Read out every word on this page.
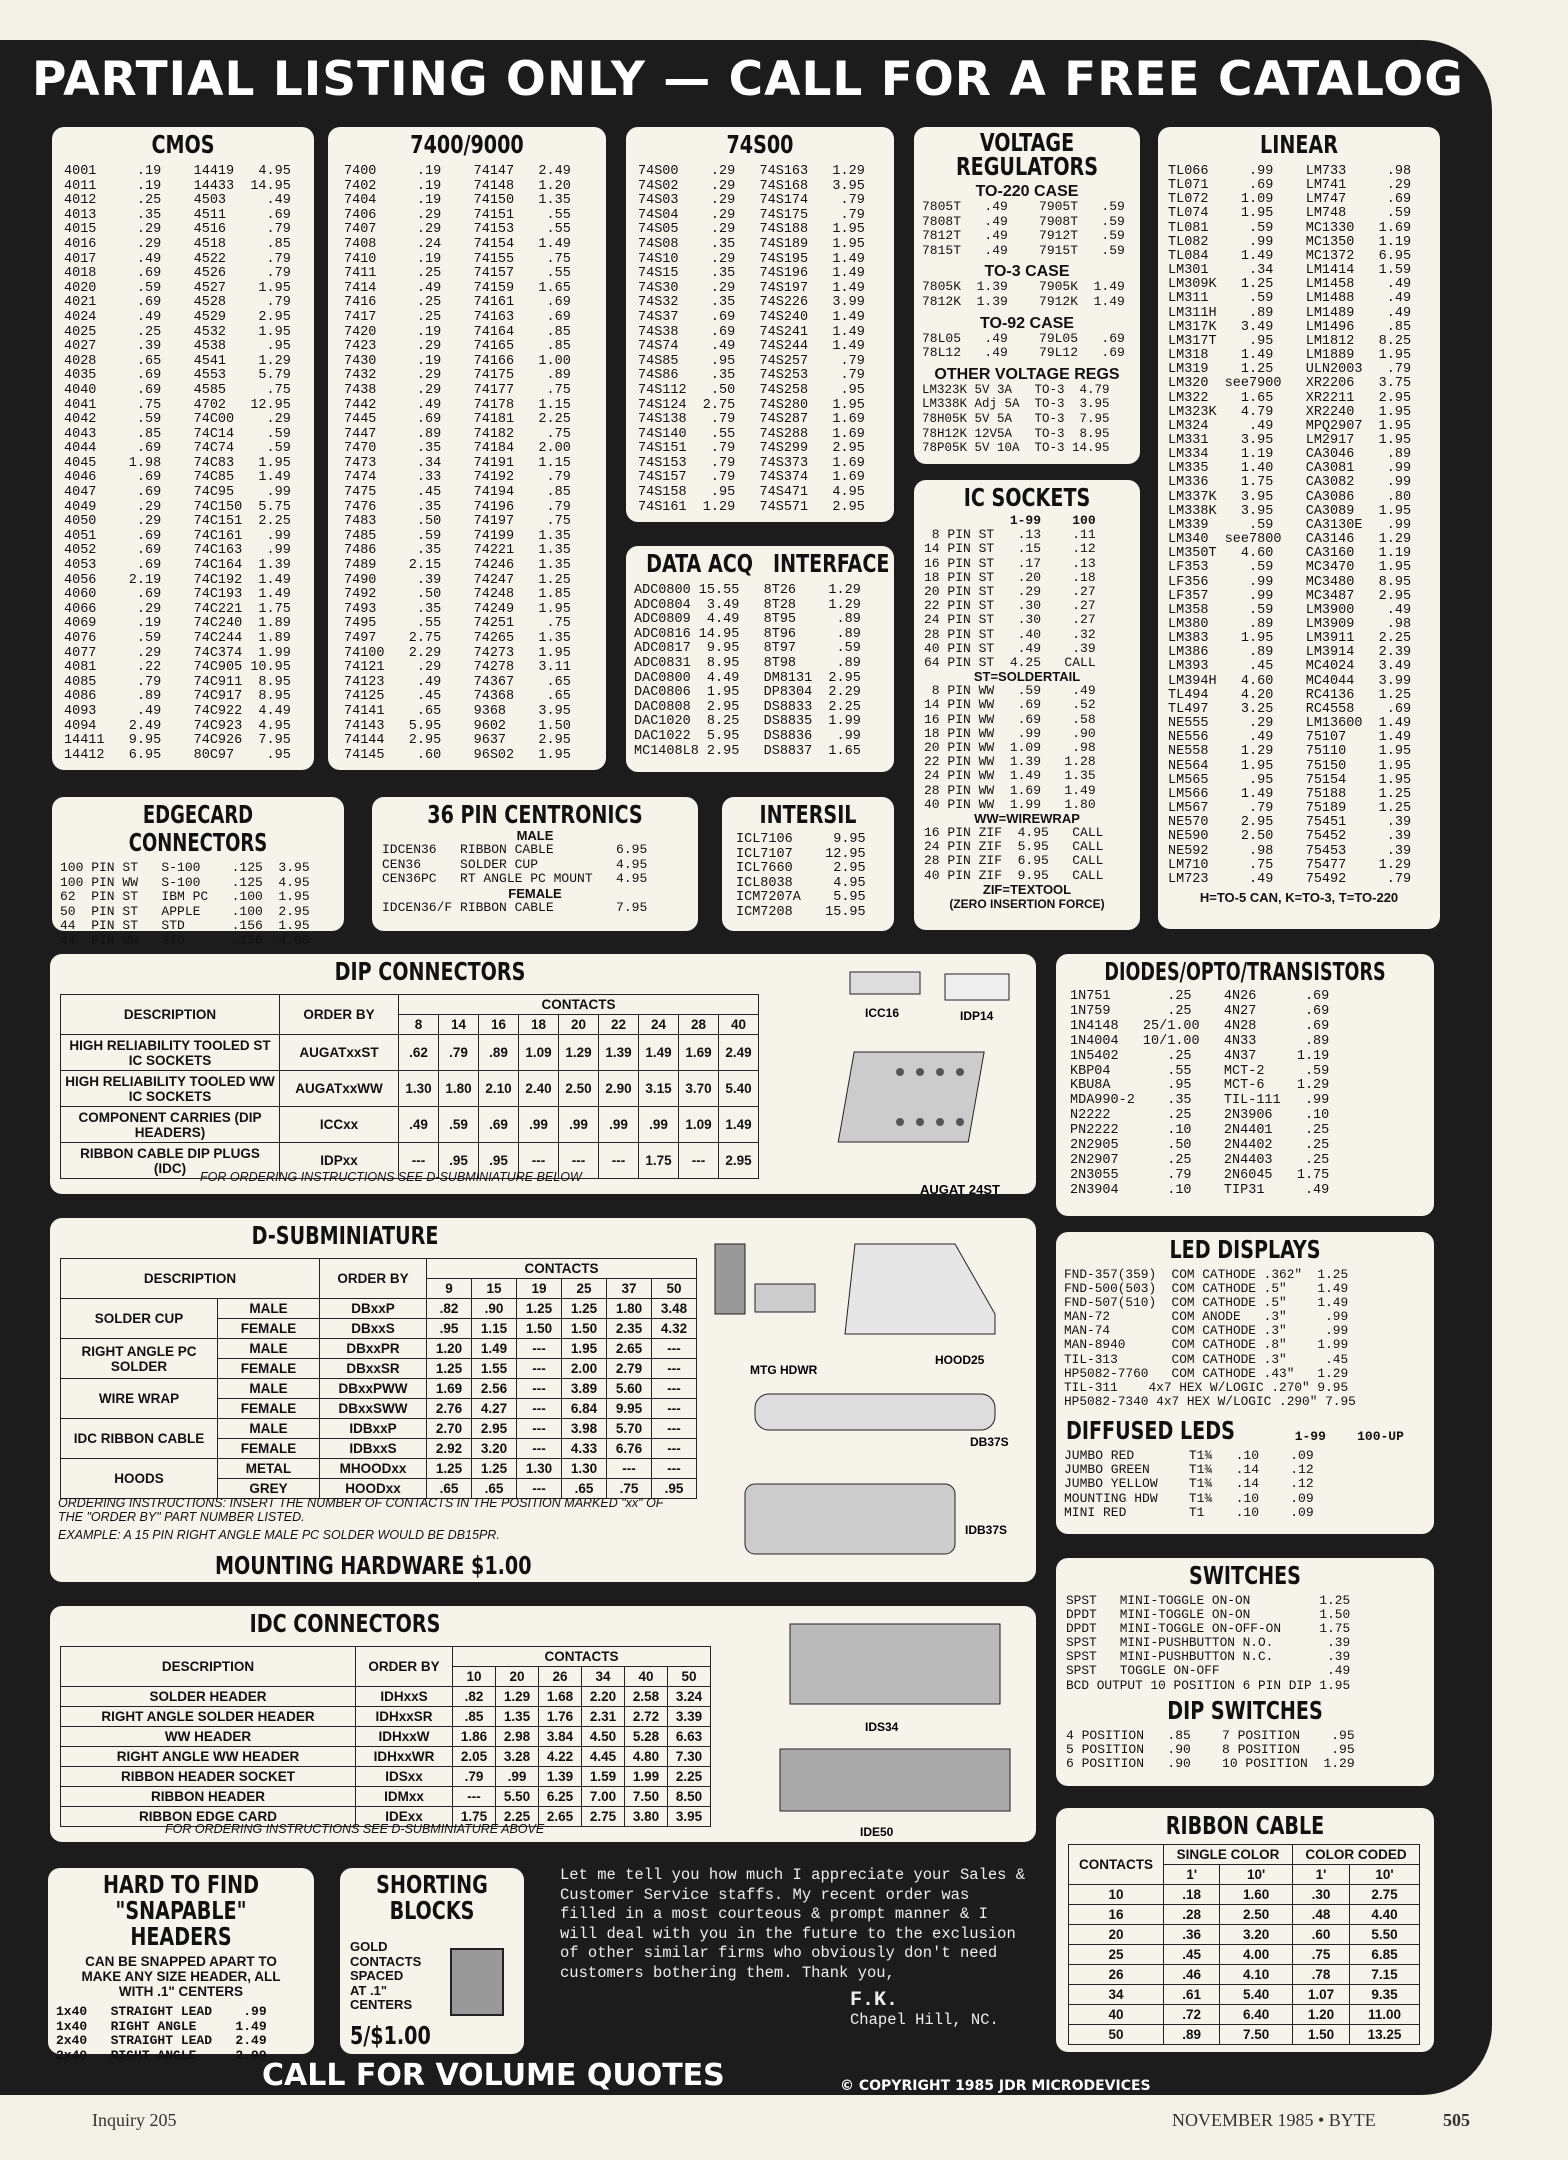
PARTIAL LISTING ONLY — CALL FOR A FREE CATALOG
CMOS
4001     .19    14419   4.95
4011     .19    14433  14.95
4012     .25    4503     .49
4013     .35    4511     .69
4015     .29    4516     .79
4016     .29    4518     .85
4017     .49    4522     .79
4018     .69    4526     .79
4020     .59    4527    1.95
4021     .69    4528     .79
4024     .49    4529    2.95
4025     .25    4532    1.95
4027     .39    4538     .95
4028     .65    4541    1.29
4035     .69    4553    5.79
4040     .69    4585     .75
4041     .75    4702   12.95
4042     .59    74C00    .29
4043     .85    74C14    .59
4044     .69    74C74    .59
4045    1.98    74C83   1.95
4046     .69    74C85   1.49
4047     .69    74C95    .99
4049     .29    74C150  5.75
4050     .29    74C151  2.25
4051     .69    74C161   .99
4052     .69    74C163   .99
4053     .69    74C164  1.39
4056    2.19    74C192  1.49
4060     .69    74C193  1.49
4066     .29    74C221  1.75
4069     .19    74C240  1.89
4076     .59    74C244  1.89
4077     .29    74C374  1.99
4081     .22    74C905 10.95
4085     .79    74C911  8.95
4086     .89    74C917  8.95
4093     .49    74C922  4.49
4094    2.49    74C923  4.95
14411   9.95    74C926  7.95
14412   6.95    80C97    .95
7400/9000
7400     .19    74147   2.49
7402     .19    74148   1.20
7404     .19    74150   1.35
7406     .29    74151    .55
7407     .29    74153    .55
7408     .24    74154   1.49
7410     .19    74155    .75
7411     .25    74157    .55
7414     .49    74159   1.65
7416     .25    74161    .69
7417     .25    74163    .69
7420     .19    74164    .85
7423     .29    74165    .85
7430     .19    74166   1.00
7432     .29    74175    .89
7438     .29    74177    .75
7442     .49    74178   1.15
7445     .69    74181   2.25
7447     .89    74182    .75
7470     .35    74184   2.00
7473     .34    74191   1.15
7474     .33    74192    .79
7475     .45    74194    .85
7476     .35    74196    .79
7483     .50    74197    .75
7485     .59    74199   1.35
7486     .35    74221   1.35
7489    2.15    74246   1.35
7490     .39    74247   1.25
7492     .50    74248   1.85
7493     .35    74249   1.95
7495     .55    74251    .75
7497    2.75    74265   1.35
74100   2.29    74273   1.95
74121    .29    74278   3.11
74123    .49    74367    .65
74125    .45    74368    .65
74141    .65    9368    3.95
74143   5.95    9602    1.50
74144   2.95    9637    2.95
74145    .60    96S02   1.95
74S00
74S00    .29   74S163   1.29
74S02    .29   74S168   3.95
74S03    .29   74S174    .79
74S04    .29   74S175    .79
74S05    .29   74S188   1.95
74S08    .35   74S189   1.95
74S10    .29   74S195   1.49
74S15    .35   74S196   1.49
74S30    .29   74S197   1.49
74S32    .35   74S226   3.99
74S37    .69   74S240   1.49
74S38    .69   74S241   1.49
74S74    .49   74S244   1.49
74S85    .95   74S257    .79
74S86    .35   74S253    .79
74S112   .50   74S258    .95
74S124  2.75   74S280   1.95
74S138   .79   74S287   1.69
74S140   .55   74S288   1.69
74S151   .79   74S299   2.95
74S153   .79   74S373   1.69
74S157   .79   74S374   1.69
74S158   .95   74S471   4.95
74S161  1.29   74S571   2.95
VOLTAGE
REGULATORS
TO-220 CASE
7805T   .49    7905T   .59
7808T   .49    7908T   .59
7812T   .49    7912T   .59
7815T   .49    7915T   .59
TO-3 CASE
7805K  1.39    7905K  1.49
7812K  1.39    7912K  1.49
TO-92 CASE
78L05   .49    79L05   .69
78L12   .49    79L12   .69
OTHER VOLTAGE REGS
LM323K 5V 3A   TO-3  4.79
LM338K Adj 5A  TO-3  3.95
78H05K 5V 5A   TO-3  7.95
78H12K 12V5A   TO-3  8.95
78P05K 5V 10A  TO-3 14.95
LINEAR
TL066     .99    LM733     .98
TL071     .69    LM741     .29
TL072    1.09    LM747     .69
TL074    1.95    LM748     .59
TL081     .59    MC1330   1.69
TL082     .99    MC1350   1.19
TL084    1.49    MC1372   6.95
LM301     .34    LM1414   1.59
LM309K   1.25    LM1458    .49
LM311     .59    LM1488    .49
LM311H    .89    LM1489    .49
LM317K   3.49    LM1496    .85
LM317T    .95    LM1812   8.25
LM318    1.49    LM1889   1.95
LM319    1.25    ULN2003   .79
LM320  see7900   XR2206   3.75
LM322    1.65    XR2211   2.95
LM323K   4.79    XR2240   1.95
LM324     .49    MPQ2907  1.95
LM331    3.95    LM2917   1.95
LM334    1.19    CA3046    .89
LM335    1.40    CA3081    .99
LM336    1.75    CA3082    .99
LM337K   3.95    CA3086    .80
LM338K   3.95    CA3089   1.95
LM339     .59    CA3130E   .99
LM340  see7800   CA3146   1.29
LM350T   4.60    CA3160   1.19
LF353     .59    MC3470   1.95
LF356     .99    MC3480   8.95
LF357     .99    MC3487   2.95
LM358     .59    LM3900    .49
LM380     .89    LM3909    .98
LM383    1.95    LM3911   2.25
LM386     .89    LM3914   2.39
LM393     .45    MC4024   3.49
LM394H   4.60    MC4044   3.99
TL494    4.20    RC4136   1.25
TL497    3.25    RC4558    .69
NE555     .29    LM13600  1.49
NE556     .49    75107    1.49
NE558    1.29    75110    1.95
NE564    1.95    75150    1.95
LM565     .95    75154    1.95
LM566    1.49    75188    1.25
LM567     .79    75189    1.25
NE570    2.95    75451     .39
NE590    2.50    75452     .39
NE592     .98    75453     .39
LM710     .75    75477    1.29
LM723     .49    75492     .79
H=TO-5 CAN, K=TO-3, T=TO-220
DATA ACQ   INTERFACE
ADC0800 15.55   8T26    1.29
ADC0804  3.49   8T28    1.29
ADC0809  4.49   8T95     .89
ADC0816 14.95   8T96     .89
ADC0817  9.95   8T97     .59
ADC0831  8.95   8T98     .89
DAC0800  4.49   DM8131  2.95
DAC0806  1.95   DP8304  2.29
DAC0808  2.95   DS8833  2.25
DAC1020  8.25   DS8835  1.99
DAC1022  5.95   DS8836   .99
MC1408L8 2.95   DS8837  1.65
IC SOCKETS
1-99    100
8 PIN ST   .13    .11
14 PIN ST   .15    .12
16 PIN ST   .17    .13
18 PIN ST   .20    .18
20 PIN ST   .29    .27
22 PIN ST   .30    .27
24 PIN ST   .30    .27
28 PIN ST   .40    .32
40 PIN ST   .49    .39
64 PIN ST  4.25   CALL
ST=SOLDERTAIL
8 PIN WW   .59    .49
14 PIN WW   .69    .52
16 PIN WW   .69    .58
18 PIN WW   .99    .90
20 PIN WW  1.09    .98
22 PIN WW  1.39   1.28
24 PIN WW  1.49   1.35
28 PIN WW  1.69   1.49
40 PIN WW  1.99   1.80
WW=WIREWRAP
16 PIN ZIF  4.95   CALL
24 PIN ZIF  5.95   CALL
28 PIN ZIF  6.95   CALL
40 PIN ZIF  9.95   CALL
ZIF=TEXTOOL
(ZERO INSERTION FORCE)
EDGECARD CONNECTORS
100 PIN ST   S-100    .125  3.95
100 PIN WW   S-100    .125  4.95
62  PIN ST   IBM PC   .100  1.95
50  PIN ST   APPLE    .100  2.95
44  PIN ST   STD      .156  1.95
44  PIN WW   STD      .156  4.95
36 PIN CENTRONICS
MALE
IDCEN36   RIBBON CABLE        6.95
CEN36     SOLDER CUP          4.95
CEN36PC   RT ANGLE PC MOUNT   4.95
FEMALE
IDCEN36/F RIBBON CABLE        7.95
INTERSIL
ICL7106     9.95
ICL7107    12.95
ICL7660     2.95
ICL8038     4.95
ICM7207A    5.95
ICM7208    15.95
DIP CONNECTORS
DESCRIPTION	ORDER BY	CONTACTS								
		8	14	16	18	20	22	24	28	40
HIGH RELIABILITY TOOLED ST IC SOCKETS	AUGATxxST	.62	.79	.89	1.09	1.29	1.39	1.49	1.69	2.49
HIGH RELIABILITY TOOLED WW IC SOCKETS	AUGATxxWW	1.30	1.80	2.10	2.40	2.50	2.90	3.15	3.70	5.40
COMPONENT CARRIES (DIP HEADERS)	ICCxx	.49	.59	.69	.99	.99	.99	.99	1.09	1.49
RIBBON CABLE DIP PLUGS (IDC)	IDPxx	---	.95	.95	---	---	---	1.75	---	2.95
FOR ORDERING INSTRUCTIONS SEE D-SUBMINIATURE BELOW
ICC16	IDP14
AUGAT 24ST
D-SUBMINIATURE
DESCRIPTION		ORDER BY	CONTACTS					
			9	15	19	25	37	50
SOLDER CUP	MALE	DBxxP	.82	.90	1.25	1.25	1.80	3.48
	FEMALE	DBxxS	.95	1.15	1.50	1.50	2.35	4.32
RIGHT ANGLE PC SOLDER	MALE	DBxxPR	1.20	1.49	---	1.95	2.65	---
	FEMALE	DBxxSR	1.25	1.55	---	2.00	2.79	---
WIRE WRAP	MALE	DBxxPWW	1.69	2.56	---	3.89	5.60	---
	FEMALE	DBxxSWW	2.76	4.27	---	6.84	9.95	---
IDC RIBBON CABLE	MALE	IDBxxP	2.70	2.95	---	3.98	5.70	---
	FEMALE	IDBxxS	2.92	3.20	---	4.33	6.76	---
HOODS	METAL	MHOODxx	1.25	1.25	1.30	1.30	---	---
	GREY	HOODxx	.65	.65	---	.65	.75	.95
ORDERING INSTRUCTIONS: INSERT THE NUMBER OF CONTACTS IN THE POSITION MARKED "xx" OF THE "ORDER BY" PART NUMBER LISTED.
EXAMPLE: A 15 PIN RIGHT ANGLE MALE PC SOLDER WOULD BE DB15PR.
MOUNTING HARDWARE $1.00
MTG HDWR
HOOD25
DB37S
IDB37S
IDC CONNECTORS
DESCRIPTION	ORDER BY	CONTACTS					
		10	20	26	34	40	50
SOLDER HEADER	IDHxxS	.82	1.29	1.68	2.20	2.58	3.24
RIGHT ANGLE SOLDER HEADER	IDHxxSR	.85	1.35	1.76	2.31	2.72	3.39
WW HEADER	IDHxxW	1.86	2.98	3.84	4.50	5.28	6.63
RIGHT ANGLE WW HEADER	IDHxxWR	2.05	3.28	4.22	4.45	4.80	7.30
RIBBON HEADER SOCKET	IDSxx	.79	.99	1.39	1.59	1.99	2.25
RIBBON HEADER	IDMxx	---	5.50	6.25	7.00	7.50	8.50
RIBBON EDGE CARD	IDExx	1.75	2.25	2.65	2.75	3.80	3.95
FOR ORDERING INSTRUCTIONS SEE D-SUBMINIATURE ABOVE
IDS34
IDE50
DIODES/OPTO/TRANSISTORS
1N751       .25    4N26      .69
1N759       .25    4N27      .69
1N4148   25/1.00   4N28      .69
1N4004   10/1.00   4N33      .89
1N5402      .25    4N37     1.19
KBP04       .55    MCT-2     .59
KBU8A       .95    MCT-6    1.29
MDA990-2    .35    TIL-111   .99
N2222       .25    2N3906    .10
PN2222      .10    2N4401    .25
2N2905      .50    2N4402    .25
2N2907      .25    2N4403    .25
2N3055      .79    2N6045   1.75
2N3904      .10    TIP31     .49
LED DISPLAYS
FND-357(359)  COM CATHODE .362"  1.25
FND-500(503)  COM CATHODE .5"    1.49
FND-507(510)  COM CATHODE .5"    1.49
MAN-72        COM ANODE   .3"     .99
MAN-74        COM CATHODE .3"     .99
MAN-8940      COM CATHODE .8"    1.99
TIL-313       COM CATHODE .3"     .45
HP5082-7760   COM CATHODE .43"   1.29
TIL-311    4x7 HEX W/LOGIC .270" 9.95
HP5082-7340 4x7 HEX W/LOGIC .290" 7.95
DIFFUSED LEDS	1-99    100-UP
JUMBO RED       T1¾   .10    .09
JUMBO GREEN     T1¾   .14    .12
JUMBO YELLOW    T1¾   .14    .12
MOUNTING HDW    T1¾   .10    .09
MINI RED        T1    .10    .09
SWITCHES
SPST   MINI-TOGGLE ON-ON         1.25
DPDT   MINI-TOGGLE ON-ON         1.50
DPDT   MINI-TOGGLE ON-OFF-ON     1.75
SPST   MINI-PUSHBUTTON N.O.       .39
SPST   MINI-PUSHBUTTON N.C.       .39
SPST   TOGGLE ON-OFF              .49
BCD OUTPUT 10 POSITION 6 PIN DIP 1.95
DIP SWITCHES
4 POSITION   .85    7 POSITION    .95
5 POSITION   .90    8 POSITION    .95
6 POSITION   .90    10 POSITION  1.29
RIBBON CABLE
CONTACTS	SINGLE COLOR		COLOR CODED	
	1'	10'	1'	10'
10	.18	1.60	.30	2.75
16	.28	2.50	.48	4.40
20	.36	3.20	.60	5.50
25	.45	4.00	.75	6.85
26	.46	4.10	.78	7.15
34	.61	5.40	1.07	9.35
40	.72	6.40	1.20	11.00
50	.89	7.50	1.50	13.25
HARD TO FIND
"SNAPABLE" HEADERS
CAN BE SNAPPED APART TO MAKE ANY SIZE HEADER, ALL WITH .1" CENTERS
1x40   STRAIGHT LEAD    .99
1x40   RIGHT ANGLE     1.49
2x40   STRAIGHT LEAD   2.49
2x40   RIGHT ANGLE     2.99
SHORTING
BLOCKS
GOLD
CONTACTS
SPACED
AT .1"
CENTERS
5/$1.00
Let me tell you how much I appreciate your Sales & Customer Service staffs. My recent order was filled in a most courteous & prompt manner & I will deal with you in the future to the exclusion of other similar firms who obviously don't need customers bothering them. Thank you,
F.K.
Chapel Hill, NC.
CALL FOR VOLUME QUOTES	© COPYRIGHT 1985 JDR MICRODEVICES
Inquiry 205	NOVEMBER 1985 • BYTE	505
